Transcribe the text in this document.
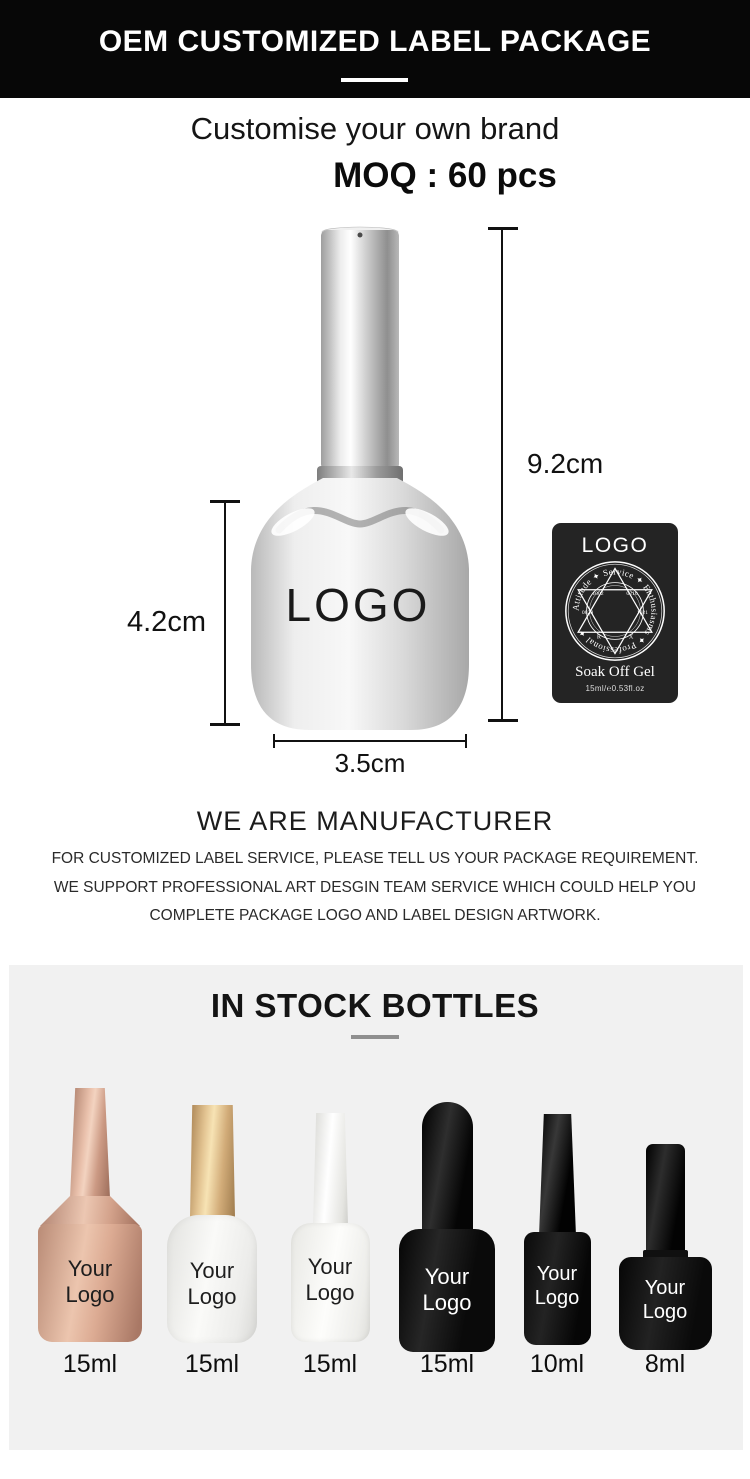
OEM CUSTOMIZED LABEL PACKAGE
Customise your own brand
MOQ : 60 pcs
LOGO
9.2cm
4.2cm
3.5cm
LOGO
Attitude ✦ Service ✦ Enthusiasms ✦ Professional ✦
1002	0210
0829	1021
R	X
Soak Off Gel
15ml/℮0.53fl.oz
WE ARE MANUFACTURER
FOR CUSTOMIZED LABEL SERVICE, PLEASE TELL US YOUR PACKAGE REQUIREMENT.
WE SUPPORT PROFESSIONAL ART DESGIN TEAM SERVICE WHICH COULD HELP YOU
COMPLETE PACKAGE LOGO AND LABEL DESIGN ARTWORK.
IN STOCK BOTTLES
Your Logo
15ml
Your Logo
15ml
Your Logo
15ml
Your Logo
15ml
Your Logo
10ml
Your Logo
8ml
